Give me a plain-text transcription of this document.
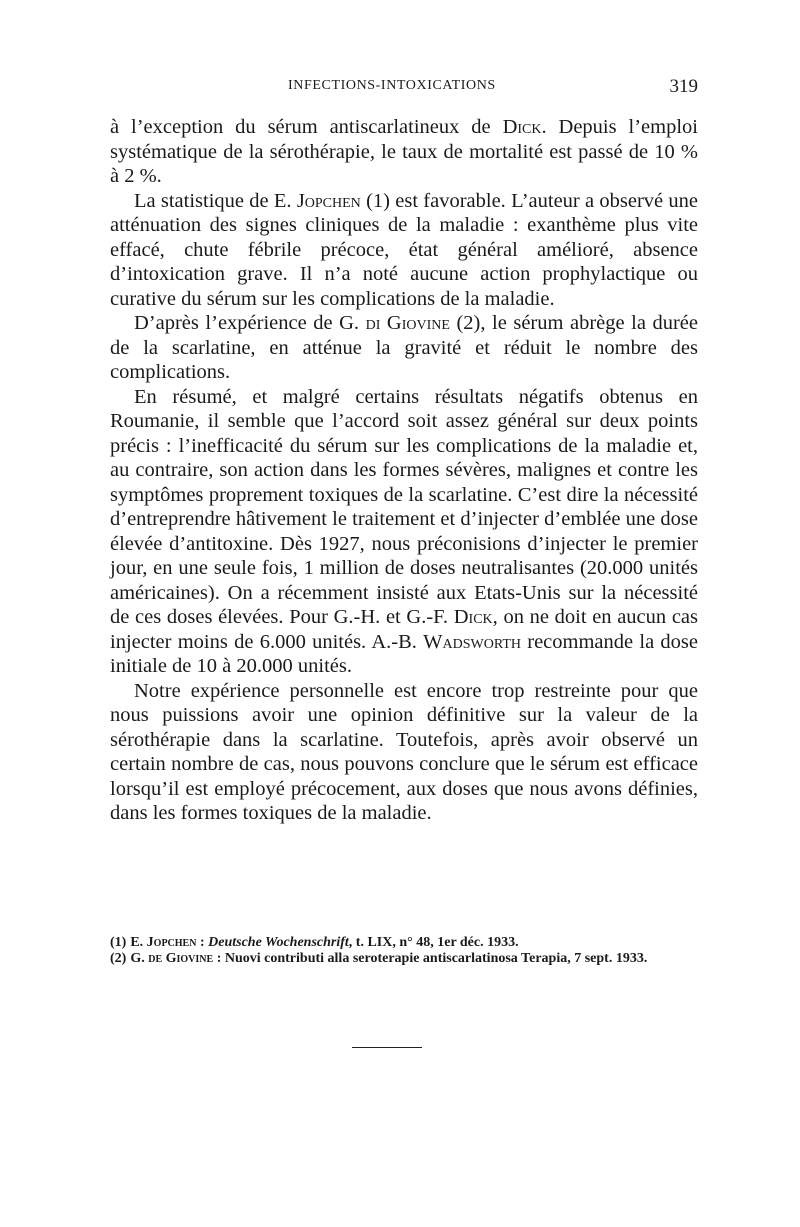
INFECTIONS-INTOXICATIONS	319

à l’exception du sérum antiscarlatineux de Dick. Depuis l’emploi systématique de la sérothérapie, le taux de mortalité est passé de 10 % à 2 %.

La statistique de E. Jopchen (1) est favorable. L’auteur a observé une atténuation des signes cliniques de la maladie : exanthème plus vite effacé, chute fébrile précoce, état général amélioré, absence d’intoxication grave. Il n’a noté aucune action prophylactique ou curative du sérum sur les complications de la maladie.

D’après l’expérience de G. di Giovine (2), le sérum abrège la durée de la scarlatine, en atténue la gravité et réduit le nombre des complications.

En résumé, et malgré certains résultats négatifs obtenus en Roumanie, il semble que l’accord soit assez général sur deux points précis : l’inefficacité du sérum sur les complications de la maladie et, au contraire, son action dans les formes sévères, malignes et contre les symptômes proprement toxiques de la scarlatine. C’est dire la nécessité d’entreprendre hâtivement le traitement et d’injecter d’emblée une dose élevée d’antitoxine. Dès 1927, nous préconisions d’injecter le premier jour, en une seule fois, 1 million de doses neutralisantes (20.000 unités américaines). On a récemment insisté aux Etats-Unis sur la nécessité de ces doses élevées. Pour G.-H. et G.-F. Dick, on ne doit en aucun cas injecter moins de 6.000 unités. A.-B. Wadsworth recommande la dose initiale de 10 à 20.000 unités.

Notre expérience personnelle est encore trop restreinte pour que nous puissions avoir une opinion définitive sur la valeur de la sérothérapie dans la scarlatine. Toutefois, après avoir observé un certain nombre de cas, nous pouvons conclure que le sérum est efficace lorsqu’il est employé précocement, aux doses que nous avons définies, dans les formes toxiques de la maladie.

(1) E. Jopchen : Deutsche Wochenschrift, t. LIX, n° 48, 1er déc. 1933.

(2) G. de Giovine : Nuovi contributi alla seroterapie antiscarlatinosa Terapia, 7 sept. 1933.
